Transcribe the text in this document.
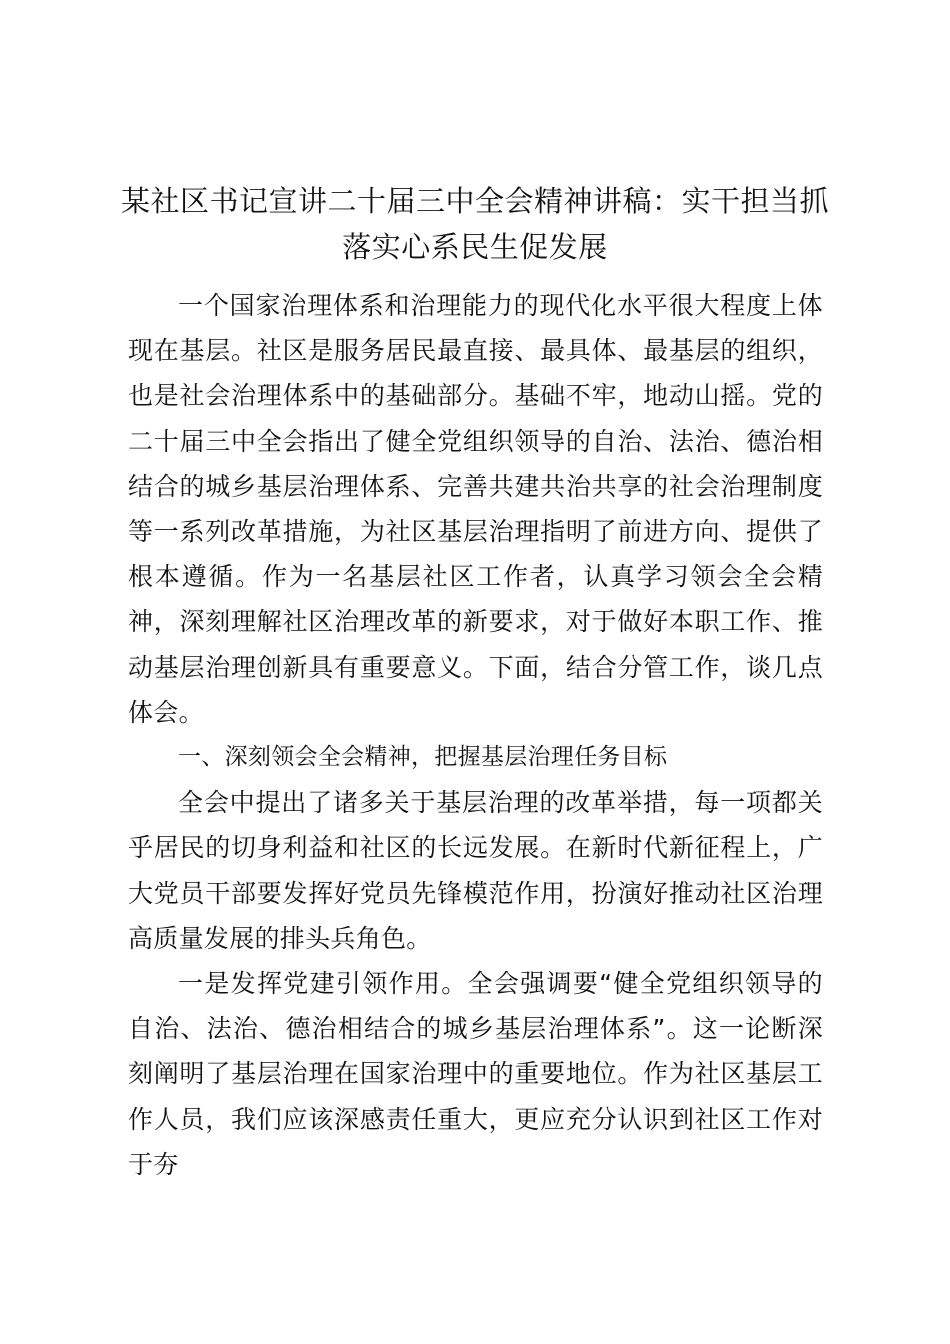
某社区书记宣讲二十届三中全会精神讲稿：实干担当抓落实心系民生促发展

一个国家治理体系和治理能力的现代化水平很大程度上体现在基层。社区是服务居民最直接、最具体、最基层的组织，也是社会治理体系中的基础部分。基础不牢，地动山摇。党的二十届三中全会指出了健全党组织领导的自治、法治、德治相结合的城乡基层治理体系、完善共建共治共享的社会治理制度等一系列改革措施，为社区基层治理指明了前进方向、提供了根本遵循。作为一名基层社区工作者，认真学习领会全会精神，深刻理解社区治理改革的新要求，对于做好本职工作、推动基层治理创新具有重要意义。下面，结合分管工作，谈几点体会。

一、深刻领会全会精神，把握基层治理任务目标

全会中提出了诸多关于基层治理的改革举措，每一项都关乎居民的切身利益和社区的长远发展。在新时代新征程上，广大党员干部要发挥好党员先锋模范作用，扮演好推动社区治理高质量发展的排头兵角色。

一是发挥党建引领作用。全会强调要“健全党组织领导的自治、法治、德治相结合的城乡基层治理体系”。这一论断深刻阐明了基层治理在国家治理中的重要地位。作为社区基层工作人员，我们应该深感责任重大，更应充分认识到社区工作对于夯
